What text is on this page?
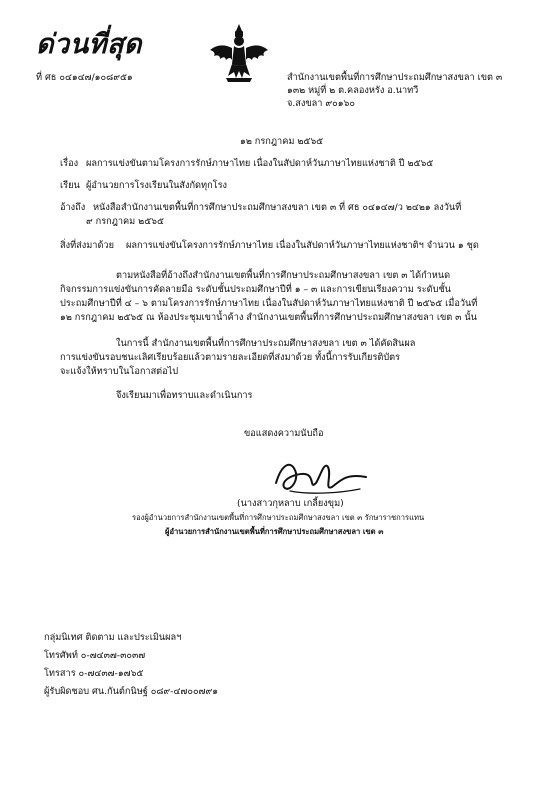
ด่วนที่สุด
ที่ ศธ ๐๔๑๔๗/๑๐๘๙๕๑	สำนักงานเขตพื้นที่การศึกษาประถมศึกษาสงขลา เขต ๓
๑๓๒ หมู่ที่ ๒ ต.คลองหรัง อ.นาทวี
จ.สงขลา ๙๐๑๖๐
๑๒ กรกฎาคม ๒๕๖๕
เรื่อง ผลการแข่งขันตามโครงการรักษ์ภาษาไทย เนื่องในสัปดาห์วันภาษาไทยแห่งชาติ ปี ๒๕๖๕
เรียน ผู้อำนวยการโรงเรียนในสังกัดทุกโรง
อ้างถึง หนังสือสำนักงานเขตพื้นที่การศึกษาประถมศึกษาสงขลา เขต ๓ ที่ ศธ ๐๔๑๔๗/ว ๒๔๒๑ ลงวันที่
๙ กรกฎาคม ๒๕๖๕
สิ่งที่ส่งมาด้วย ผลการแข่งขันโครงการรักษ์ภาษาไทย เนื่องในสัปดาห์วันภาษาไทยแห่งชาติฯ จำนวน ๑ ชุด
ตามหนังสือที่อ้างถึงสำนักงานเขตพื้นที่การศึกษาประถมศึกษาสงขลา เขต ๓ ได้กำหนด
กิจกรรมการแข่งขันการคัดลายมือ ระดับชั้นประถมศึกษาปีที่ ๑ – ๓ และการเขียนเรียงความ ระดับชั้น
ประถมศึกษาปีที่ ๔ – ๖ ตามโครงการรักษ์ภาษาไทย เนื่องในสัปดาห์วันภาษาไทยแห่งชาติ ปี ๒๕๖๕ เมื่อวันที่
๑๒ กรกฎาคม ๒๕๖๕ ณ ห้องประชุมเขาน้ำค้าง สำนักงานเขตพื้นที่การศึกษาประถมศึกษาสงขลา เขต ๓ นั้น
ในการนี้ สำนักงานเขตพื้นที่การศึกษาประถมศึกษาสงขลา เขต ๓ ได้คัดสินผล
การแข่งขันรอบชนะเลิศเรียบร้อยแล้วตามรายละเอียดที่ส่งมาด้วย ทั้งนี้การรับเกียรติบัตร
จะแจ้งให้ทราบในโอกาสต่อไป
จึงเรียนมาเพื่อทราบและดำเนินการ
ขอแสดงความนับถือ
(นางสาวกุหลาบ เกลี้ยงขุม)
รองผู้อำนวยการสำนักงานเขตพื้นที่การศึกษาประถมศึกษาสงขลา เขต ๓ รักษาราชการแทน
ผู้อำนวยการสำนักงานเขตพื้นที่การศึกษาประถมศึกษาสงขลา เขต ๓
กลุ่มนิเทศ ติดตาม และประเมินผลฯ
โทรศัพท์ ๐-๗๔๓๗-๓๐๓๗
โทรสาร ๐-๗๔๓๗-๑๗๖๕
ผู้รับผิดชอบ ศน.กันต์กนิษฐ์ ๐๘๙-๔๗๐๐๗๙๑
